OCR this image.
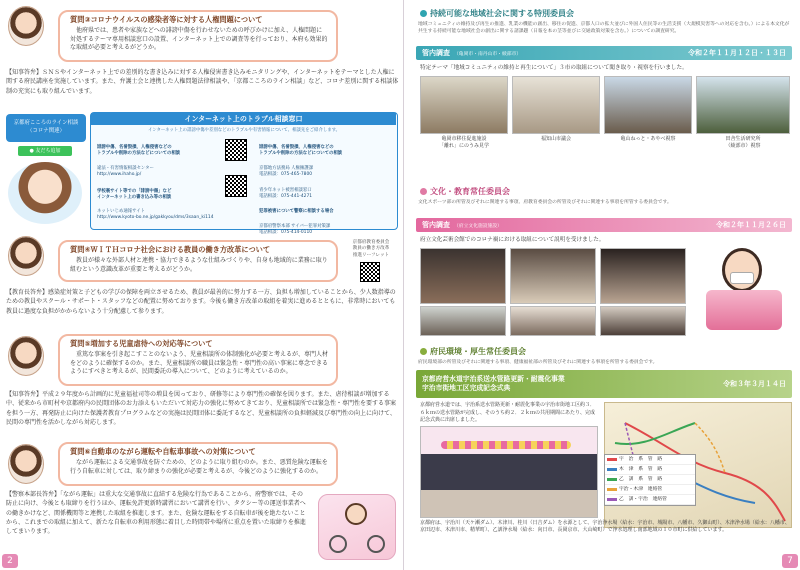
質問③コロナウイルスの感染者等に対する人権問題について
他府県では、患者や家族などへの誹謗中傷を行わせないための呼びかけに加え、人権問題に対処するテーマ専用相談窓口の設置、インターネット上での調査等を行っており、本府も効果的な取組が必要と考えるがどうか。
【知事答弁】ＳＮＳやインターネット上での差別的な書き込みに対する人権侵害書き込みモニタリングや、インターネットをテーマとした人権に関する府民講座を実施しています。また、弁護士会と連携した人権問題法律相談や、「京都こころのライン相談」など、コロナ差別に関する相談体制の充実にも取り組んでいます。
京都府こころのライン相談
（コロナ関連）
● 友だち追加
インターネット上のトラブル相談窓口
インターネット上の誹謗中傷や差別などのトラブルや有害情報について、相談先をご紹介します。

誹謗中傷、名誉毀損、人権侵害などの
トラブルや削除の方法などについての相談

違法・有害情報相談センター
http://www.ihaho.jp/

学校裏サイト等での「誹謗中傷」など
インターネット上の書き込み等の相談

ネットいじめ通報サイト
http://www.kyoto-bo.ne.jp/gakkyou/dms/3saan_ki114

誹謗中傷、名誉毀損、人権侵害などの
トラブルや削除の方法などについての相談

京都地方法務局 人権擁護課
電話相談：075-465-7800

青少年ネット被害相談窓口
電話相談：075-441-4271

犯罪被害について警察に相談する場合

京都府警察本部 サイバー犯罪対策課
電話相談：075-414-0110

質問④ＷＩＴＨコロナ社会における教員の働き方改革について
教員が様々な外部人材と連携・協力できるような仕組みづくりや、自身も地域的に業務に取り組むという意識改革が重要と考えるがどうか。
京都府教育委員会
教員の働き方改革
推進リーフレット
【教育長答弁】感染症対策と子どもの学びの保障を両立させるため、教員が最善的に努力する一方、負担も増加していることから、少人数指導のための教員やスクール・サポート・スタッフなどの配置に努めております。今後も働き方改革の取組を着実に進めるとともに、非常時においても教員に過度な負担がかからないよう十分配慮して参ります。
質問⑤増加する児童虐待への対応等について
重篤な事案を引き起こすことのないよう、児童相談所の体制強化が必要と考えるが、専門人材をどのように確保するのか。また、児童相談所の職員は緊急性・専門性の高い事案に専念できるようにすべきと考えるが、民間委託の導入について、どのように考えているのか。
【知事答弁】平成２９年度から計画的に児童福祉司等の増員を図っており、研修等により専門性の確保を図ります。また、虐待相談が増加する中、従来から市町村や京都府内の民間団体のお力添えもいただいて対応力の強化に努めてきており、児童相談所では緊急性・専門性を要する事案を担う一方、再発防止に向けた保護者教育プログラムなどの実施は民間団体に委託するなど、児童相談所の負担軽減及び専門性の向上に向けて、民間の専門性を活かしながら対応します。
質問⑥自動車のながら運転や自転車事故への対策について
ながら運転による交通事故を防ぐための、どのように取り組むのか。また、悪質危険な運転を行う自転車に対しては、取り締まりの強化が必要と考えるが、今後どのように強化するのか。
【警察本部長答弁】「ながら運転」は重大な交通事故に直結する危険な行為であることから、府警察では、その防止に向け、今後とも取締りを行うほか、運転免許更新時講習において講習を行い、タクシー等の運送事業者への働きかけなど、関係機関等と連携した取組を推進します。また、危険な運転をする自転車が後を絶たないことから、これまでの取組に加えて、新たな自転車の利用形態に着目した時間帯や場所に重点を置いた取締りを推進してまいります。
2
持続可能な地域社会に関する特別委員会
地域コミュニティの維持及び再生の推進、乳業の機能の創出、移住の促進、京都人口の拡大並びに外国人住民等の生活支援（大規模災害等への対応を含む。）による本文化が共生する持続可能な地域社会の創出に関する諸課題（日報を本の茎等並びに交通政策対策を含む。）についての調査研究。
管内調査 （亀岡市・南丹山市・綾部市）	令和２年１１月１２日・１３日
特定テーマ「地域コミュニティの維持と再生について」３市の取組について聞き取り・視察を行いました。
亀岡市移住促進施設
「離れ」にのうみ見学
福知山市議会	亀山ねっと・あやべ視察	田舎生活研究所
（綾部市）視察
文化・教育常任委員会
文化スポーツ部の所管及びそれに関連する事項、府教育委員会の所管及びそれに関連する事項を所管する委員会です。
管内調査 （府立文化施設施設）	令和２年１１月２６日
府立文化芸術会館でのコロナ禍における取組について説明を受けました。
府民環境・厚生常任委員会
府民環境部の所管及びそれに関連する事項、健康福祉部の所管及びそれに関連する事項を所管する委員会です。
京都府営水道宇治系送水管路更新・耐震化事業
宇治市街地工区完成記念式典	令和３年３月１４日
京都府営水道では、宇治系送水管路更新・耐震化事業の宇治市街地工区約３．６ｋｍの送水管路が完成し、そのうち約２．２ｋｍの共用期間にあたり、完成記念式典に出席しました。
宇　治　系　管　路
木　津　系　管　路
乙　訓　系　管　路
宇治・木津　連絡管
乙　訓・宇治　連絡管
京都府は、宇治川（天ケ瀬ダム）、木津川、桂川（日吉ダム）を水源として、宇治浄水場（給水：宇治市、城陽市、八幡市、久御山町）、木津浄水場（給水：八幡市、京田辺市、木津川市、精華町）、乙訓浄水場（給水：向日市、長岡京市、大山崎町）で浄水処理し南部地域の１０市町に供給しています。
7
